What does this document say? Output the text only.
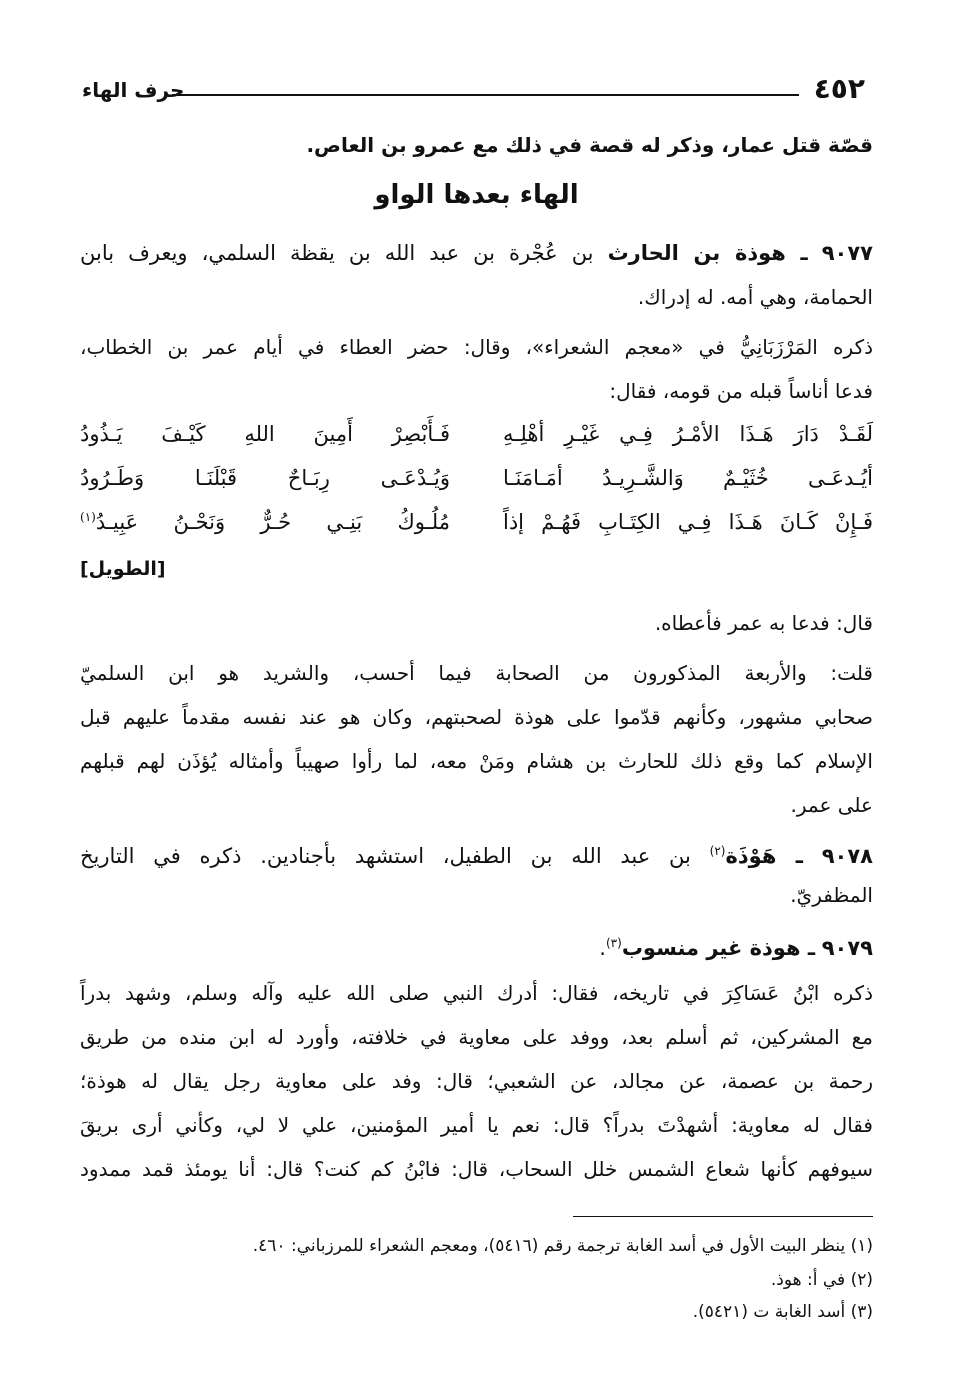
٤٥٢
حرف الهاء
قصّة قتل عمار، وذكر له قصة في ذلك مع عمرو بن العاص.
الهاء بعدها الواو
٩٠٧٧ ـ هوذة بن الحارث بن عُجْرة بن عبد الله بن يقظة السلمي، ويعرف بابن
الحمامة، وهي أمه. له إدراك.
ذكره المَرْزَبَانِيُّ في «معجم الشعراء»، وقال: حضر العطاء في أيام عمر بن الخطاب،
فدعا أناساً قبله من قومه، فقال:
لَقَـدْ دَارَ هَـذَا الأمْـرُ فِـي غَيْـرِ أهْلِـهِ
فَـأَبْصِرْ أَمِينَ اللهِ كَيْـفَ يَـذُودُ
أيُـدعَـى خُثَيْـمٌ وَالشَّـرِيـدُ أمَـامَنَـا
وَيُـدْعَـى رِبَـاحٌ قَبْلَنَـا وَطَـرُودُ
فَـإِنْ كَـانَ هَـذَا فِـي الكِتَـابِ فَهُـمْ إذاً
مُلُـوكُ بَنِـي حُـرٌّ وَنَحْـنُ عَبِيـدُ$^{(١)}$
[الطويل]
قال: فدعا به عمر فأعطاه.
قلت: والأربعة المذكورون من الصحابة فيما أحسب، والشريد هو ابن السلميّ
صحابي مشهور، وكأنهم قدّموا على هوذة لصحبتهم، وكان هو عند نفسه مقدماً عليهم قبل
الإسلام كما وقع ذلك للحارث بن هشام ومَنْ معه، لما رأوا صهيباً وأمثاله يُؤذَن لهم قبلهم
على عمر.
٩٠٧٨ ـ هَوْذَة$^{(٢)}$ بن عبد الله بن الطفيل، استشهد بأجنادين. ذكره في التاريخ
المظفريّ.
٩٠٧٩ ـ هوذة غير منسوب$^{(٣)}$.
ذكره ابْنُ عَسَاكِرَ في تاريخه، فقال: أدرك النبي صلى الله عليه وآله وسلم، وشهد بدراً
مع المشركين، ثم أسلم بعد، ووفد على معاوية في خلافته، وأورد له ابن منده من طريق
رحمة بن عصمة، عن مجالد، عن الشعبي؛ قال: وفد على معاوية رجل يقال له هوذة؛
فقال له معاوية: أشهدْتَ بدراً؟ قال: نعم يا أمير المؤمنين، علي لا لي، وكأني أرى بريقَ
سيوفهم كأنها شعاع الشمس خلل السحاب، قال: فابْنُ كم كنت؟ قال: أنا يومئذ قمد ممدود
(١) ينظر البيت الأول في أسد الغابة ترجمة رقم (٥٤١٦)، ومعجم الشعراء للمرزباني: ٤٦٠.
(٢) في أ: هوذ.
(٣) أسد الغابة ت (٥٤٢١).
